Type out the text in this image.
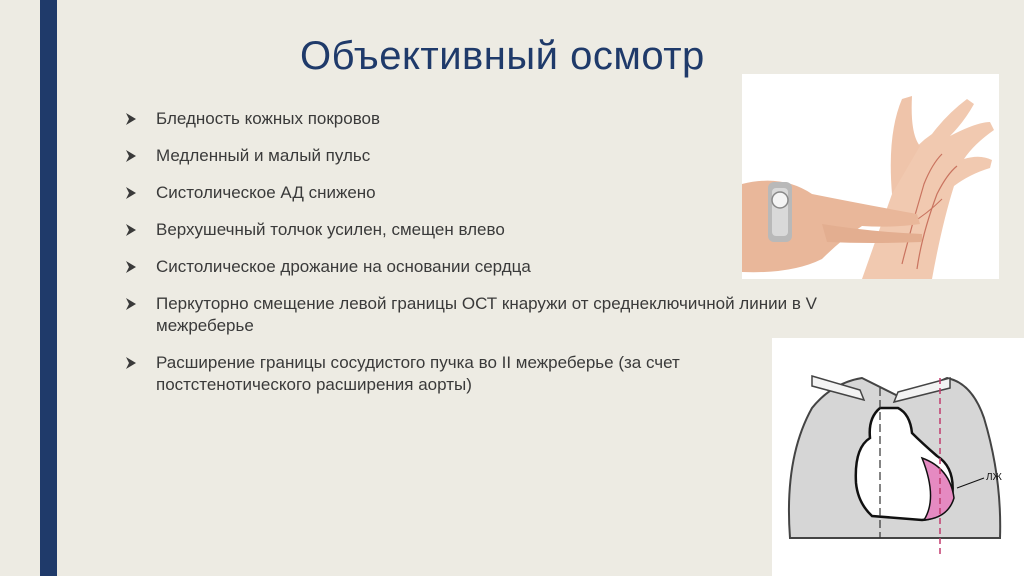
Объективный осмотр
Бледность кожных покровов
Медленный и малый пульс
Систолическое АД снижено
Верхушечный толчок усилен, смещен влево
Систолическое дрожание на основании сердца
Перкуторно смещение левой границы ОСТ кнаружи от среднеключичной линии в V межреберье
Расширение границы сосудистого пучка во II межреберье (за счет постстенотического расширения аорты)
ЛЖ
